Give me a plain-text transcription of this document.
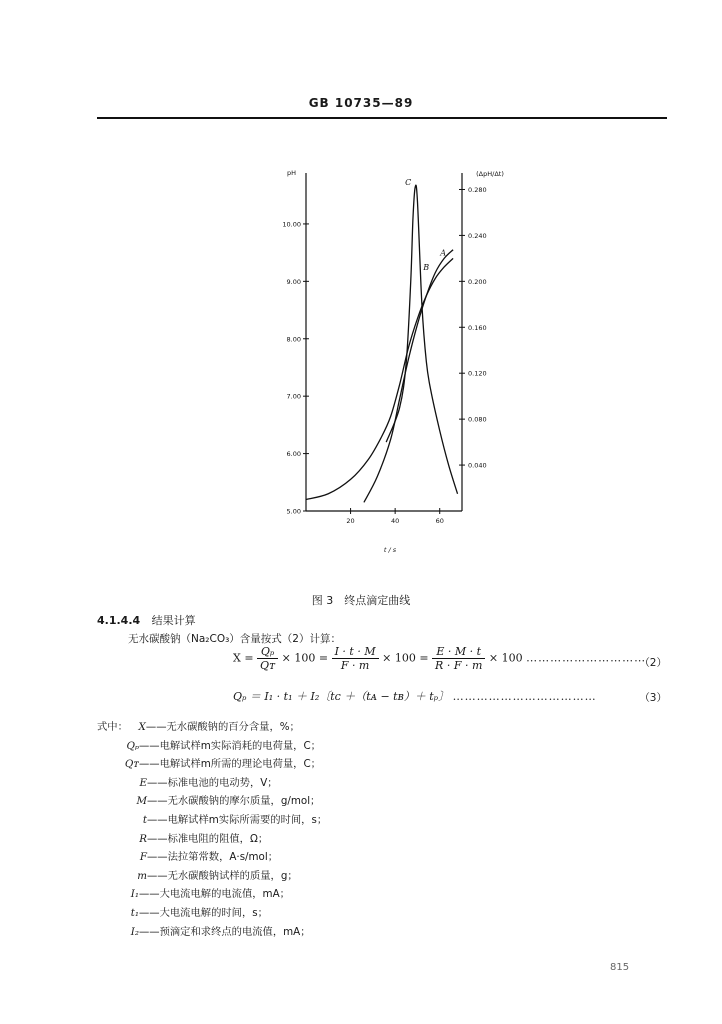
GB 10735—89
pH	(ΔpH/Δt)
t / s
5.00
6.00
7.00
8.00
9.00
10.00
0.040
0.080
0.120
0.160
0.200
0.240
0.280
20	40	60
A
B
C
图 3　终点滴定曲线
4.1.4.4 结果计算
无水碳酸钠（Na₂CO₃）含量按式（2）计算：
$X = \frac{\text{Qₚ}}{\text{Qᴛ}} \times 100 = \frac{I \cdot t \cdot M}{F \cdot m} \times 100 = \frac{E \cdot M \cdot t}{R \cdot F \cdot m} \times 100$ …………………………
（2）
Qₚ ＝ I₁ · t₁ ＋ I₂〔tᴄ ＋（tᴀ − tʙ）＋ tₚ〕 ………………………………	（3）
式中： X——无水碳酸钠的百分含量，%；
Qₚ——电解试样m实际消耗的电荷量，C；
Qᴛ——电解试样m所需的理论电荷量，C；
E——标准电池的电动势，V；
M——无水碳酸钠的摩尔质量，g/mol；
t——电解试样m实际所需要的时间，s；
R——标准电阻的阻值，Ω；
F——法拉第常数，A·s/mol；
m——无水碳酸钠试样的质量，g；
I₁——大电流电解的电流值，mA；
t₁——大电流电解的时间，s；
I₂——预滴定和求终点的电流值，mA；
815
